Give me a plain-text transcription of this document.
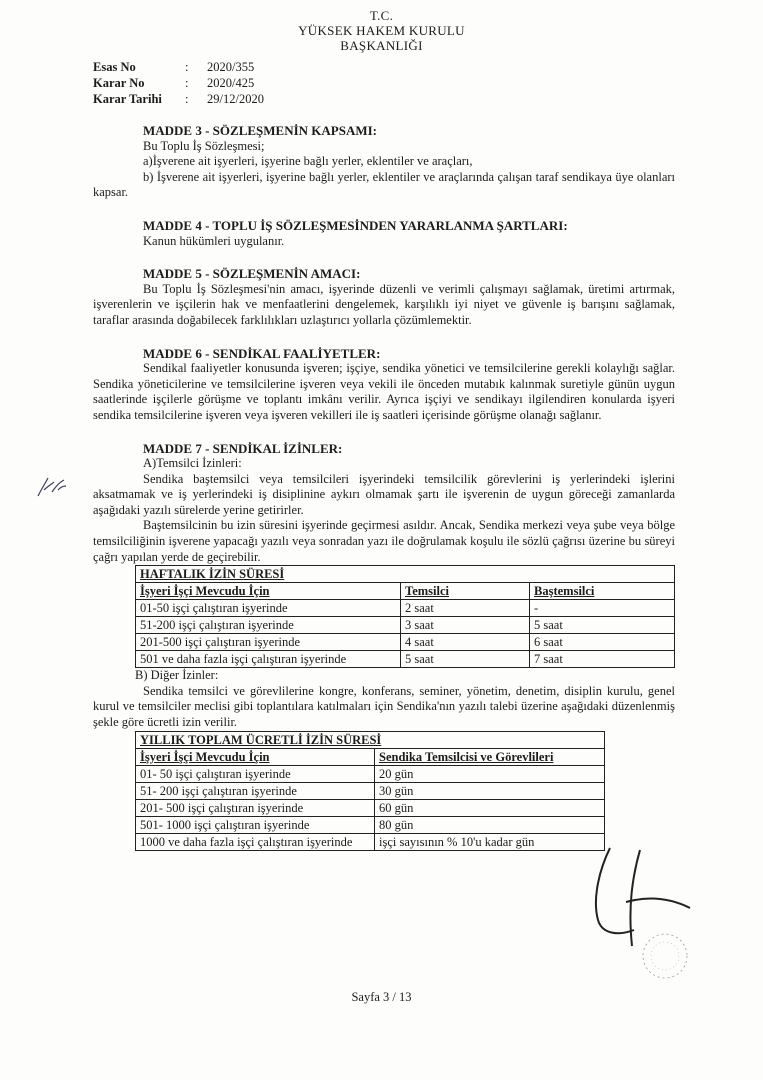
T.C.
YÜKSEK HAKEM KURULU
BAŞKANLIĞI
Esas No	:	2020/355
Karar No	:	2020/425
Karar Tarihi	:	29/12/2020
MADDE 3 - SÖZLEŞMENİN KAPSAMI:

Bu Toplu İş Sözleşmesi;

a)İşverene ait işyerleri, işyerine bağlı yerler, eklentiler ve araçları,

b) İşverene ait işyerleri, işyerine bağlı yerler, eklentiler ve araçlarında çalışan taraf sendikaya üye olanları kapsar.

MADDE 4 - TOPLU İŞ SÖZLEŞMESİNDEN YARARLANMA ŞARTLARI:

Kanun hükümleri uygulanır.

MADDE 5 - SÖZLEŞMENİN AMACI:

Bu Toplu İş Sözleşmesi'nin amacı, işyerinde düzenli ve verimli çalışmayı sağlamak, üretimi artırmak, işverenlerin ve işçilerin hak ve menfaatlerini dengelemek, karşılıklı iyi niyet ve güvenle iş barışını sağlamak, taraflar arasında doğabilecek farklılıkları uzlaştırıcı yollarla çözümlemektir.

MADDE 6 - SENDİKAL FAALİYETLER:

Sendikal faaliyetler konusunda işveren; işçiye, sendika yönetici ve temsilcilerine gerekli kolaylığı sağlar. Sendika yöneticilerine ve temsilcilerine işveren veya vekili ile önceden mutabık kalınmak suretiyle günün uygun saatlerinde işçilerle görüşme ve toplantı imkânı verilir. Ayrıca işçiyi ve sendikayı ilgilendiren konularda işyeri sendika temsilcilerine işveren veya işveren vekilleri ile iş saatleri içerisinde görüşme olanağı sağlanır.

MADDE 7 - SENDİKAL İZİNLER:

A)Temsilci İzinleri:

Sendika baştemsilci veya temsilcileri işyerindeki temsilcilik görevlerini iş yerlerindeki işlerini aksatmamak ve iş yerlerindeki iş disiplinine aykırı olmamak şartı ile işverenin de uygun göreceği zamanlarda aşağıdaki yazılı sürelerde yerine getirirler.

Baştemsilcinin bu izin süresini işyerinde geçirmesi asıldır. Ancak, Sendika merkezi veya şube veya bölge temsilciliğinin işverene yapacağı yazılı veya sonradan yazı ile doğrulamak koşulu ile sözlü çağrısı üzerine bu süreyi çağrı yapılan yerde de geçirebilir.

HAFTALIK İZİN SÜRESİ		
İşyeri İşçi Mevcudu İçin	Temsilci	Baştemsilci
01-50 işçi çalıştıran işyerinde	2 saat	-
51-200 işçi çalıştıran işyerinde	3 saat	5 saat
201-500 işçi çalıştıran işyerinde	4 saat	6 saat
501 ve daha fazla işçi çalıştıran işyerinde	5 saat	7 saat

B) Diğer İzinler:

Sendika temsilci ve görevlilerine kongre, konferans, seminer, yönetim, denetim, disiplin kurulu, genel kurul ve temsilciler meclisi gibi toplantılara katılmaları için Sendika'nın yazılı talebi üzerine aşağıdaki düzenlenmiş şekle göre ücretli izin verilir.

YILLIK TOPLAM ÜCRETLİ İZİN SÜRESİ	
İşyeri İşçi Mevcudu İçin	Sendika Temsilcisi ve Görevlileri
01- 50 işçi çalıştıran işyerinde	20 gün
51- 200 işçi çalıştıran işyerinde	30 gün
201- 500 işçi çalıştıran işyerinde	60 gün
501- 1000 işçi çalıştıran işyerinde	80 gün
1000 ve daha fazla işçi çalıştıran işyerinde	işçi sayısının % 10'u kadar gün
Sayfa 3 / 13
